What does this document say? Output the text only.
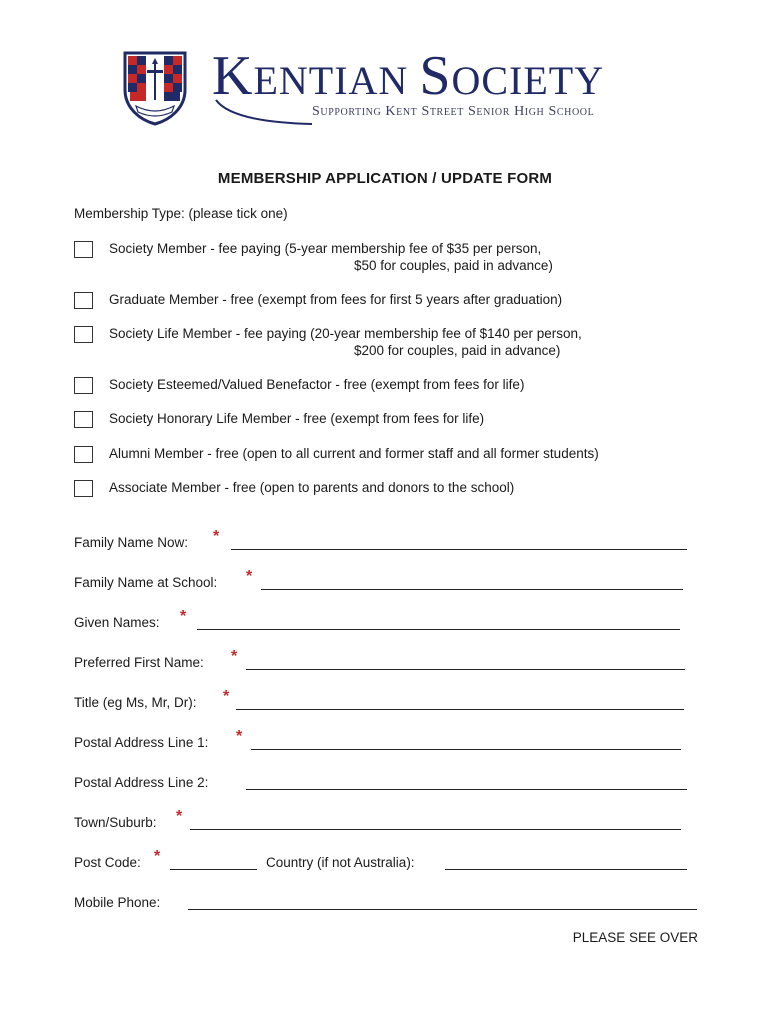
KENTIAN SOCIETY
Supporting Kent Street Senior High School
MEMBERSHIP APPLICATION / UPDATE FORM
Membership Type: (please tick one)
Society Member - fee paying (5-year membership fee of $35 per person,
$50 for couples, paid in advance)
Graduate Member - free (exempt from fees for first 5 years after graduation)
Society Life Member - fee paying (20-year membership fee of $140 per person,
$200 for couples, paid in advance)
Society Esteemed/Valued Benefactor - free (exempt from fees for life)
Society Honorary Life Member - free (exempt from fees for life)
Alumni Member - free (open to all current and former staff and all former students)
Associate Member - free (open to parents and donors to the school)
Family Name Now: *
Family Name at School: *
Given Names: *
Preferred First Name: *
Title (eg Ms, Mr, Dr): *
Postal Address Line 1: *
Postal Address Line 2:
Town/Suburb: *
Post Code: *	Country (if not Australia):
Mobile Phone:
PLEASE SEE OVER
